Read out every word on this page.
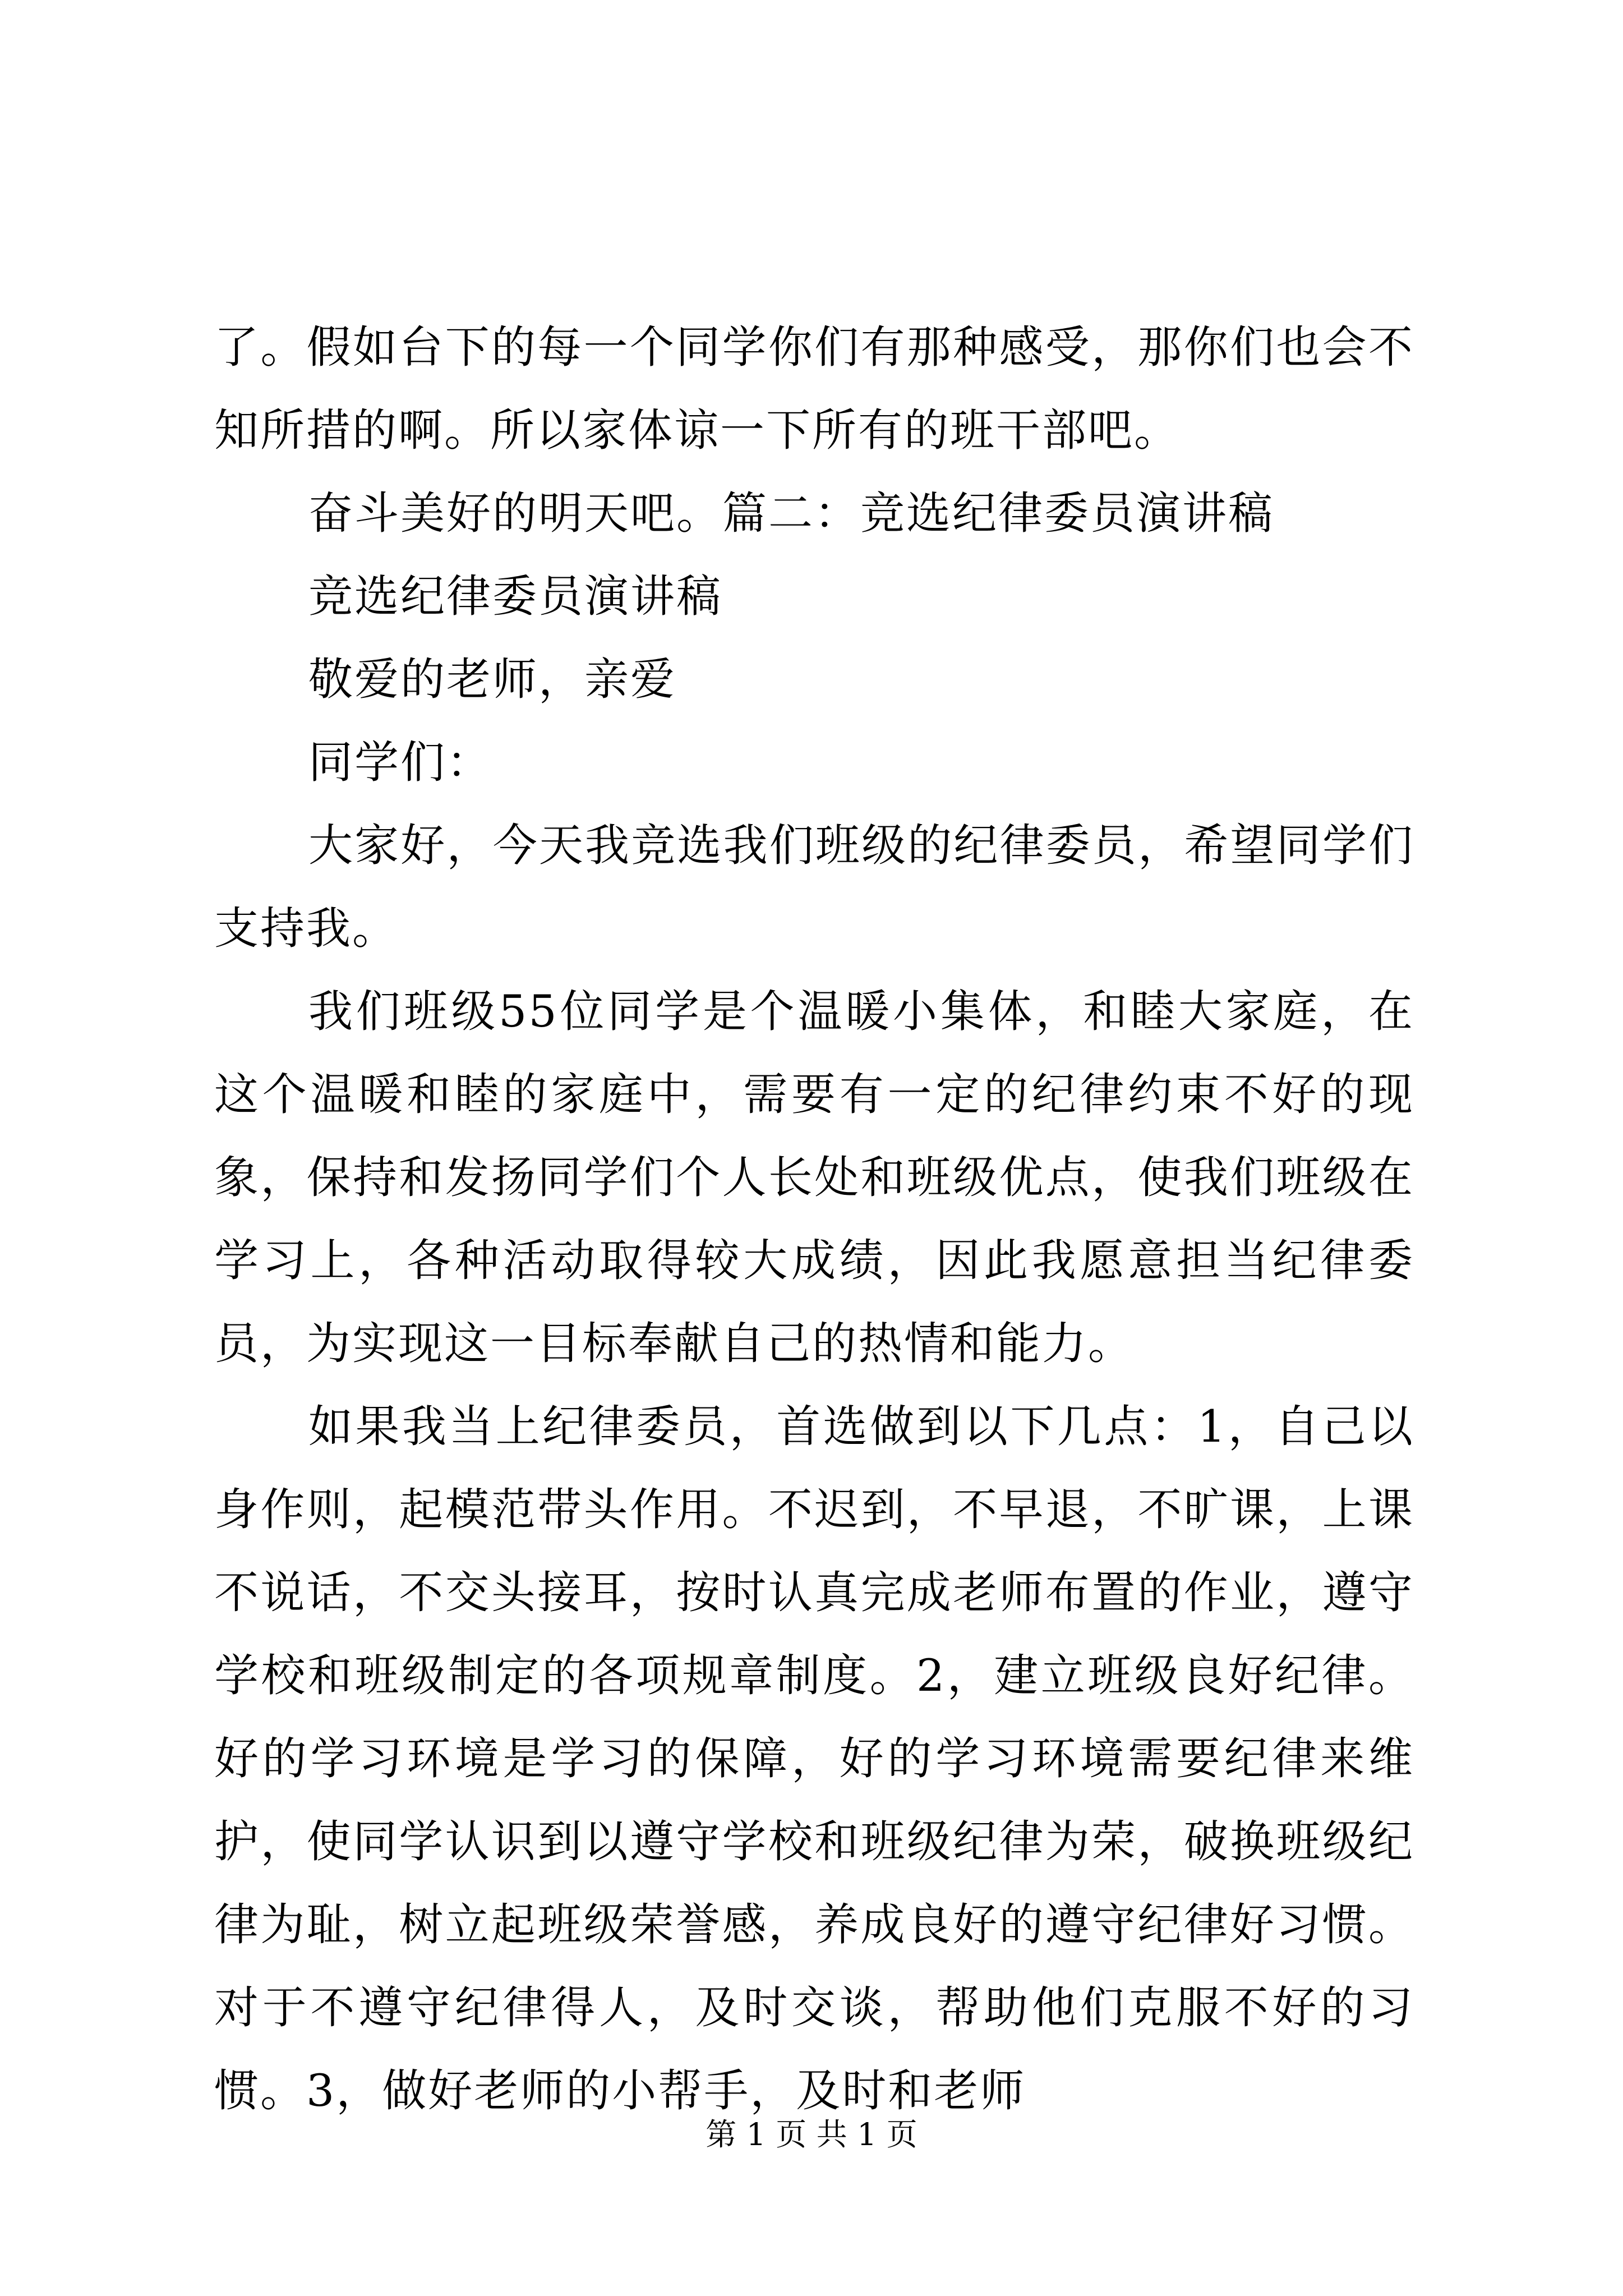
了。假如台下的每一个同学你们有那种感受，那你们也会不知所措的啊。所以家体谅一下所有的班干部吧。

奋斗美好的明天吧。篇二：竞选纪律委员演讲稿

竞选纪律委员演讲稿

敬爱的老师，亲爱

同学们：

大家好，今天我竞选我们班级的纪律委员，希望同学们支持我。

我们班级55位同学是个温暖小集体，和睦大家庭，在这个温暖和睦的家庭中，需要有一定的纪律约束不好的现象，保持和发扬同学们个人长处和班级优点，使我们班级在学习上，各种活动取得较大成绩，因此我愿意担当纪律委员，为实现这一目标奉献自己的热情和能力。

如果我当上纪律委员，首选做到以下几点：1，自己以身作则，起模范带头作用。不迟到，不早退，不旷课，上课不说话，不交头接耳，按时认真完成老师布置的作业，遵守学校和班级制定的各项规章制度。2，建立班级良好纪律。好的学习环境是学习的保障，好的学习环境需要纪律来维护，使同学认识到以遵守学校和班级纪律为荣，破换班级纪律为耻，树立起班级荣誉感，养成良好的遵守纪律好习惯。对于不遵守纪律得人，及时交谈，帮助他们克服不好的习惯。3，做好老师的小帮手，及时和老师

第 1 页 共 1 页
